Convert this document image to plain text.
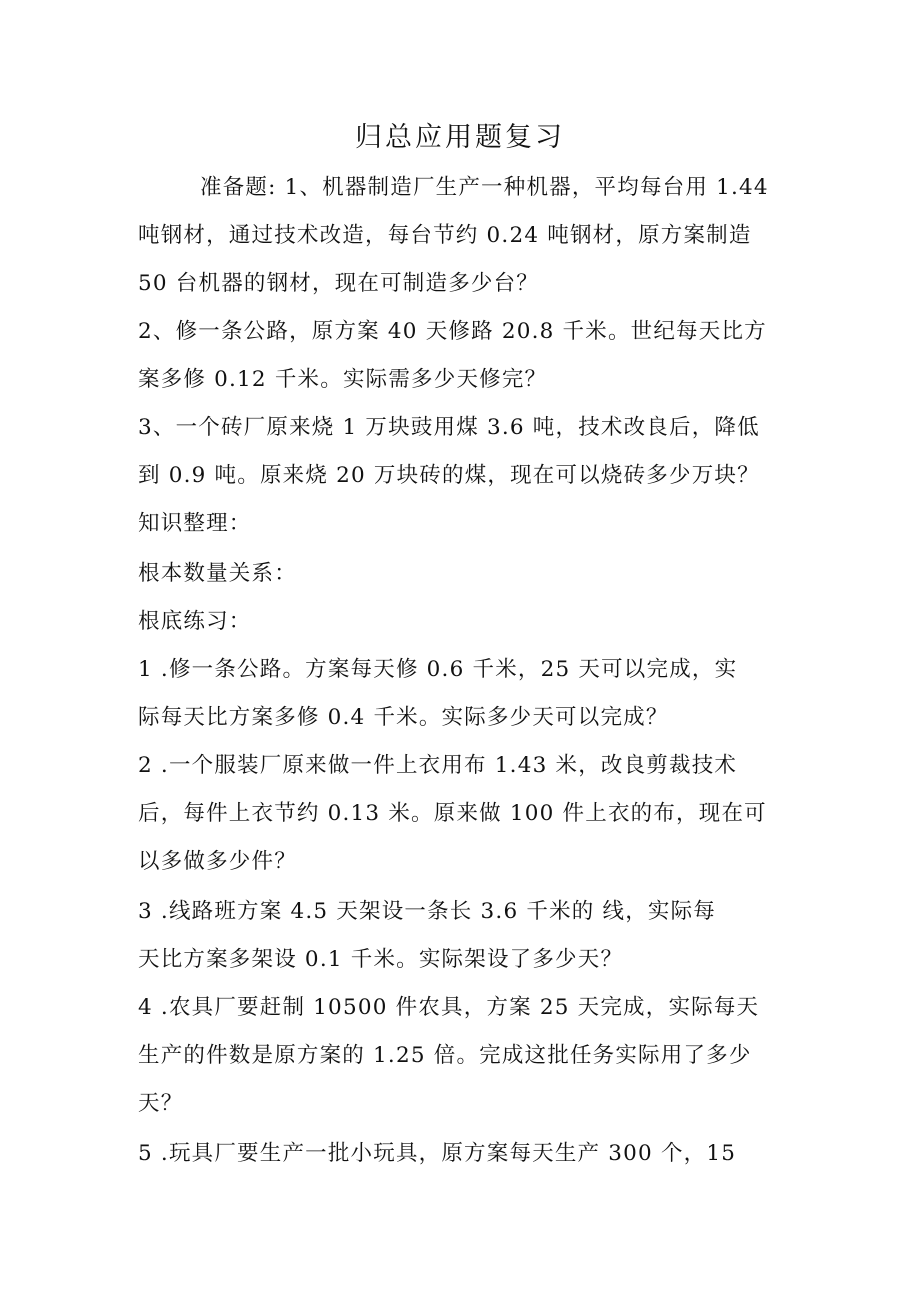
归总应用题复习
准备题: 1、机器制造厂生产一种机器，平均每台用 1.44
吨钢材，通过技术改造，每台节约 0.24 吨钢材，原方案制造
50 台机器的钢材，现在可制造多少台？
2、修一条公路，原方案 40 天修路 20.8 千米。世纪每天比方
案多修 0.12 千米。实际需多少天修完？
3、一个砖厂原来烧 1 万块豉用煤 3.6 吨，技术改良后，降低
到 0.9 吨。原来烧 20 万块砖的煤，现在可以烧砖多少万块？
知识整理：
根本数量关系：
根底练习：
1 .修一条公路。方案每天修 0.6 千米，25 天可以完成，实
际每天比方案多修 0.4 千米。实际多少天可以完成？
2 .一个服装厂原来做一件上衣用布 1.43 米，改良剪裁技术
后，每件上衣节约 0.13 米。原来做 100 件上衣的布，现在可
以多做多少件？
3 .线路班方案 4.5 天架设一条长 3.6 千米的 线，实际每
天比方案多架设 0.1 千米。实际架设了多少天？
4 .农具厂要赶制 10500 件农具，方案 25 天完成，实际每天
生产的件数是原方案的 1.25 倍。完成这批任务实际用了多少
天？
5 .玩具厂要生产一批小玩具，原方案每天生产 300 个，15
